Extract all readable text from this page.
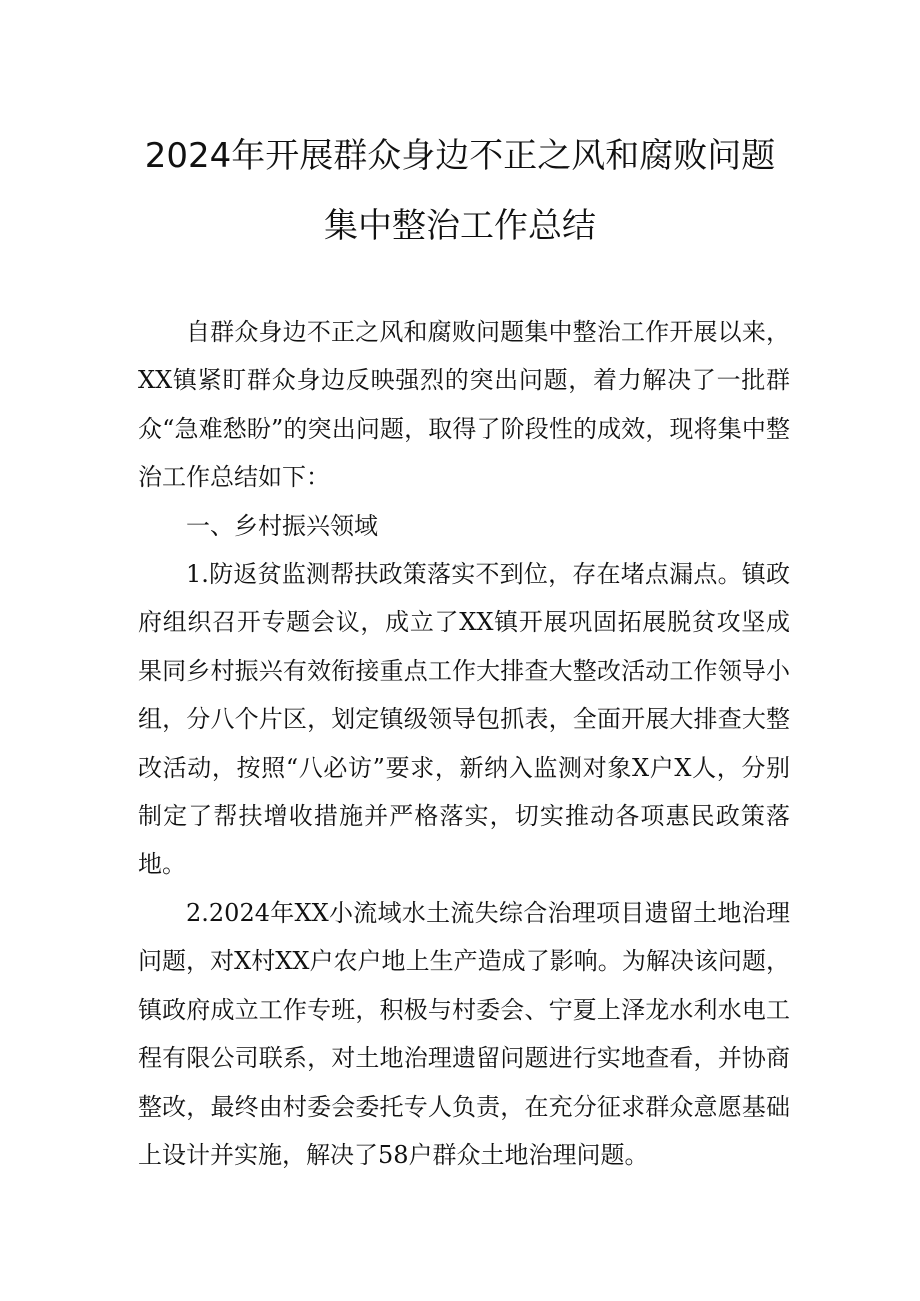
2024年开展群众身边不正之风和腐败问题
集中整治工作总结

自群众身边不正之风和腐败问题集中整治工作开展以来，XX镇紧盯群众身边反映强烈的突出问题，着力解决了一批群众“急难愁盼”的突出问题，取得了阶段性的成效，现将集中整治工作总结如下：

一、乡村振兴领域

1.防返贫监测帮扶政策落实不到位，存在堵点漏点。镇政府组织召开专题会议，成立了XX镇开展巩固拓展脱贫攻坚成果同乡村振兴有效衔接重点工作大排查大整改活动工作领导小组，分八个片区，划定镇级领导包抓表，全面开展大排查大整改活动，按照“八必访”要求，新纳入监测对象X户X人，分别制定了帮扶增收措施并严格落实，切实推动各项惠民政策落地。

2.2024年XX小流域水土流失综合治理项目遗留土地治理问题，对X村XX户农户地上生产造成了影响。为解决该问题，镇政府成立工作专班，积极与村委会、宁夏上泽龙水利水电工程有限公司联系，对土地治理遗留问题进行实地查看，并协商整改，最终由村委会委托专人负责，在充分征求群众意愿基础上设计并实施，解决了58户群众土地治理问题。
